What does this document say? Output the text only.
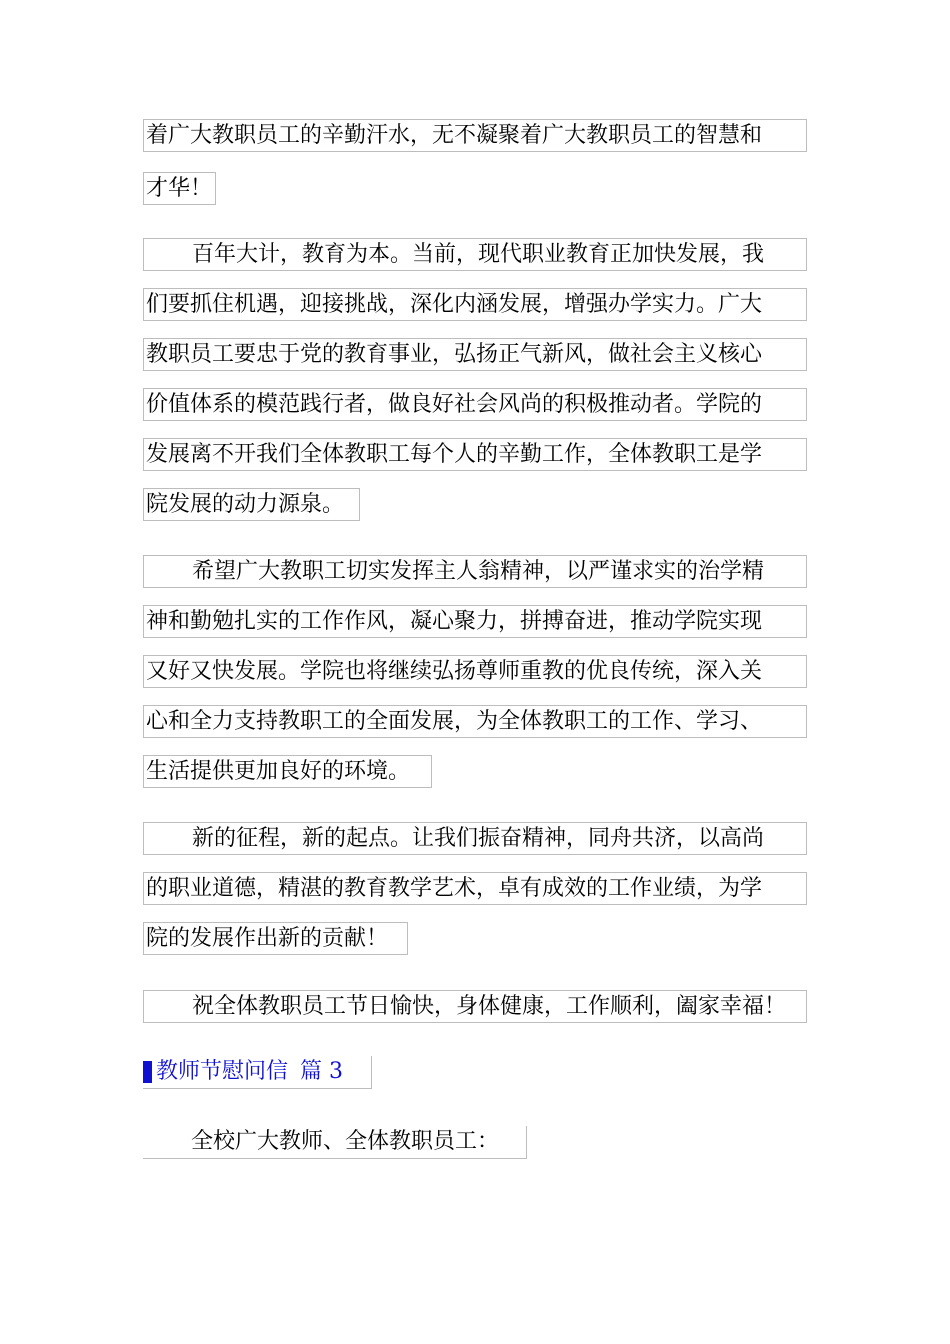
着广大教职员工的辛勤汗水，无不凝聚着广大教职员工的智慧和
才华！
百年大计，教育为本。当前，现代职业教育正加快发展，我
们要抓住机遇，迎接挑战，深化内涵发展，增强办学实力。广大
教职员工要忠于党的教育事业，弘扬正气新风，做社会主义核心
价值体系的模范践行者，做良好社会风尚的积极推动者。学院的
发展离不开我们全体教职工每个人的辛勤工作，全体教职工是学
院发展的动力源泉。
希望广大教职工切实发挥主人翁精神，以严谨求实的治学精
神和勤勉扎实的工作作风，凝心聚力，拼搏奋进，推动学院实现
又好又快发展。学院也将继续弘扬尊师重教的优良传统，深入关
心和全力支持教职工的全面发展，为全体教职工的工作、学习、
生活提供更加良好的环境。
新的征程，新的起点。让我们振奋精神，同舟共济，以高尚
的职业道德，精湛的教育教学艺术，卓有成效的工作业绩，为学
院的发展作出新的贡献！
祝全体教职员工节日愉快，身体健康，工作顺利，阖家幸福！
教师节慰问信 篇 3
全校广大教师、全体教职员工：
